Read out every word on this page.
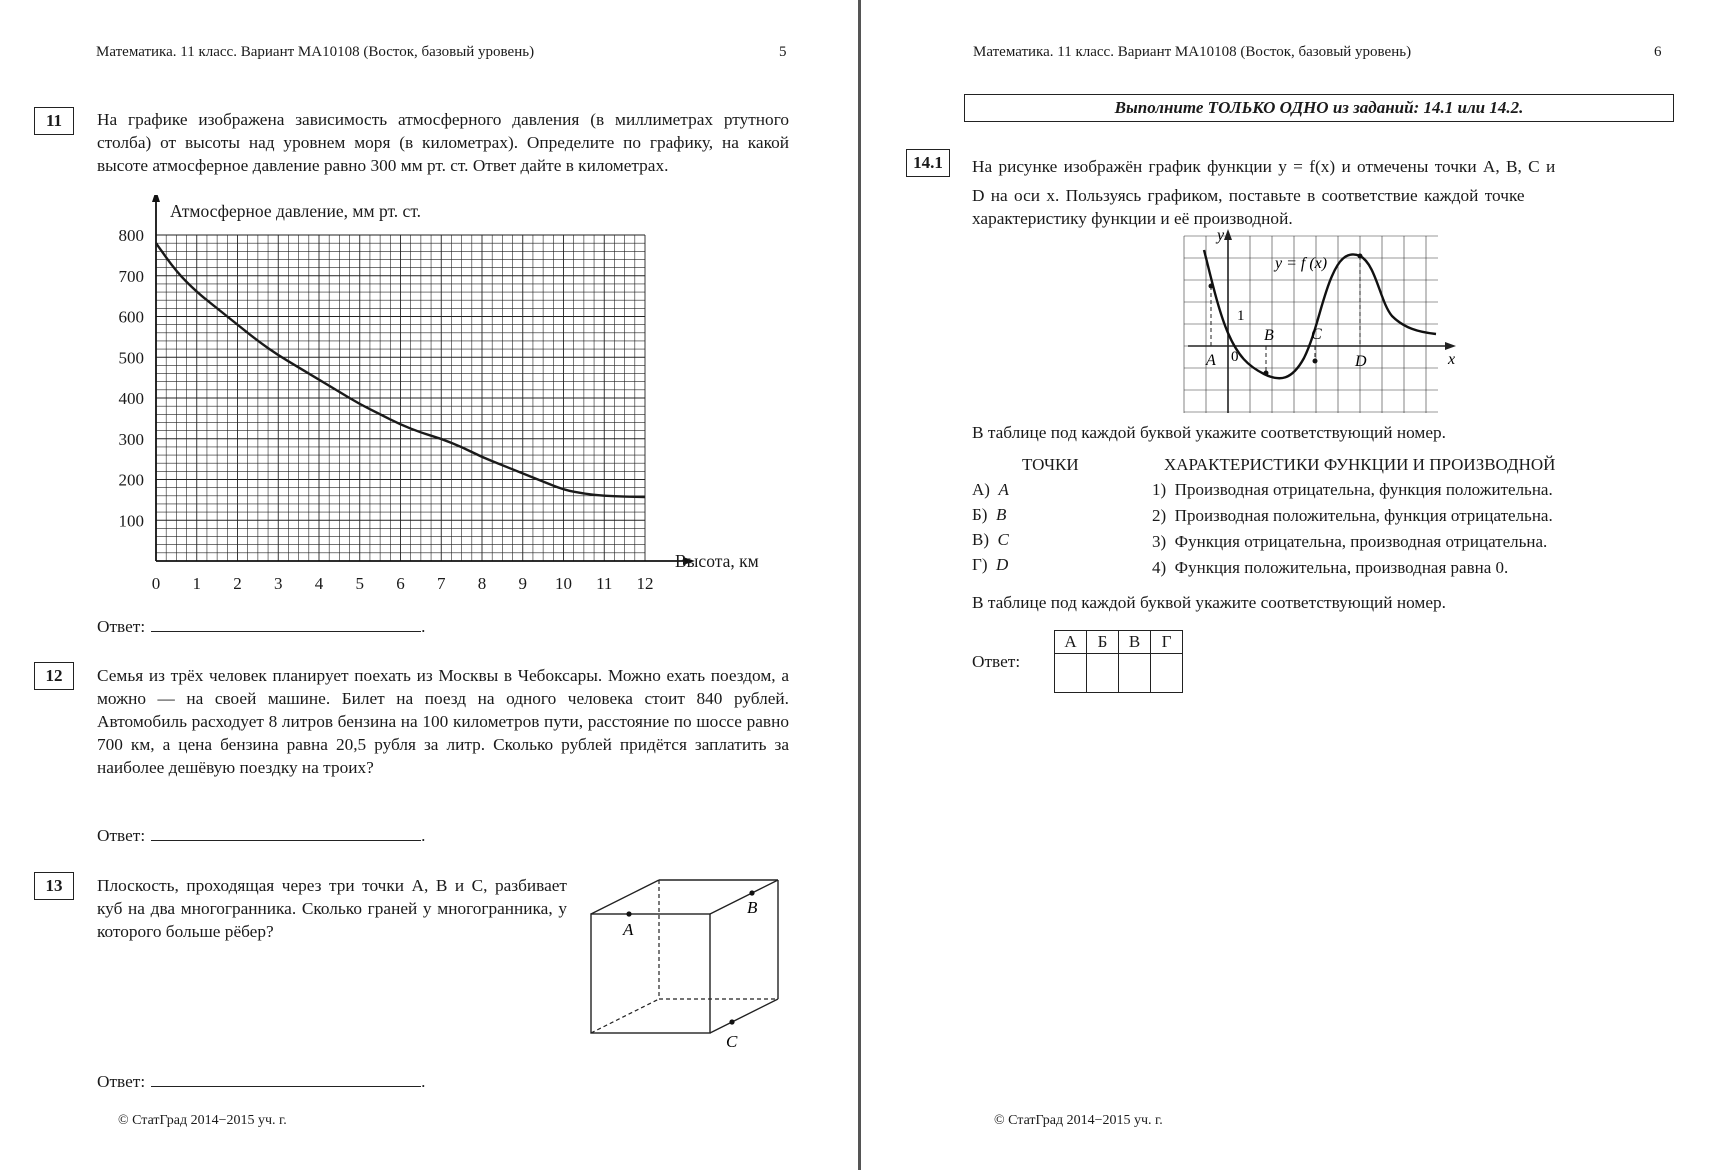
Математика. 11 класс. Вариант МА10108 (Восток, базовый уровень)	5
11	На графике изображена зависимость атмосферного давления (в миллиметрах ртутного столба) от высоты над уровнем моря (в километрах). Определите по графику, на какой высоте атмосферное давление равно 300 мм рт. ст. Ответ дайте в километрах.
0 1 2 3 4 5 6 7 8 9 10 11 12
100
200
300
400
500
600
700
800
Атмосферное давление, мм рт. ст.
Высота, км
Ответ:	.
12	Семья из трёх человек планирует поехать из Москвы в Чебоксары. Можно ехать поездом, а можно — на своей машине. Билет на поезд на одного человека стоит 840 рублей. Автомобиль расходует 8 литров бензина на 100 километров пути, расстояние по шоссе равно 700 км, а цена бензина равна 20,5 рубля за литр. Сколько рублей придётся заплатить за наиболее дешёвую поездку на троих?
Ответ:	.
13	Плоскость, проходящая через три точки A, B и C, разбивает куб на два многогранника. Сколько граней у многогранника, у которого больше рёбер?	A
B
C
Ответ:	.
© СтатГрад 2014−2015 уч. г.
Математика. 11 класс. Вариант МА10108 (Восток, базовый уровень)	6
Выполните ТОЛЬКО ОДНО из заданий: 14.1 или 14.2.
14.1	На рисунке изображён график функции y = f(x) и отмечены точки A, B, C и
D на оси x. Пользуясь графиком, поставьте в соответствие каждой точке
характеристику функции и её производной.
y = f (x)
x
y
0
1
A
B C
D
В таблице под каждой буквой укажите соответствующий номер.
ТОЧКИ	ХАРАКТЕРИСТИКИ ФУНКЦИИ И ПРОИЗВОДНОЙ
А) A
Б) B
В) C
Г) D
1) Производная отрицательна, функция положительна.
2) Производная положительна, функция отрицательна.
3) Функция отрицательна, производная отрицательна.
4) Функция положительна, производная равна 0.
В таблице под каждой буквой укажите соответствующий номер.
Ответ:
А	Б	В	Г

© СтатГрад 2014−2015 уч. г.
